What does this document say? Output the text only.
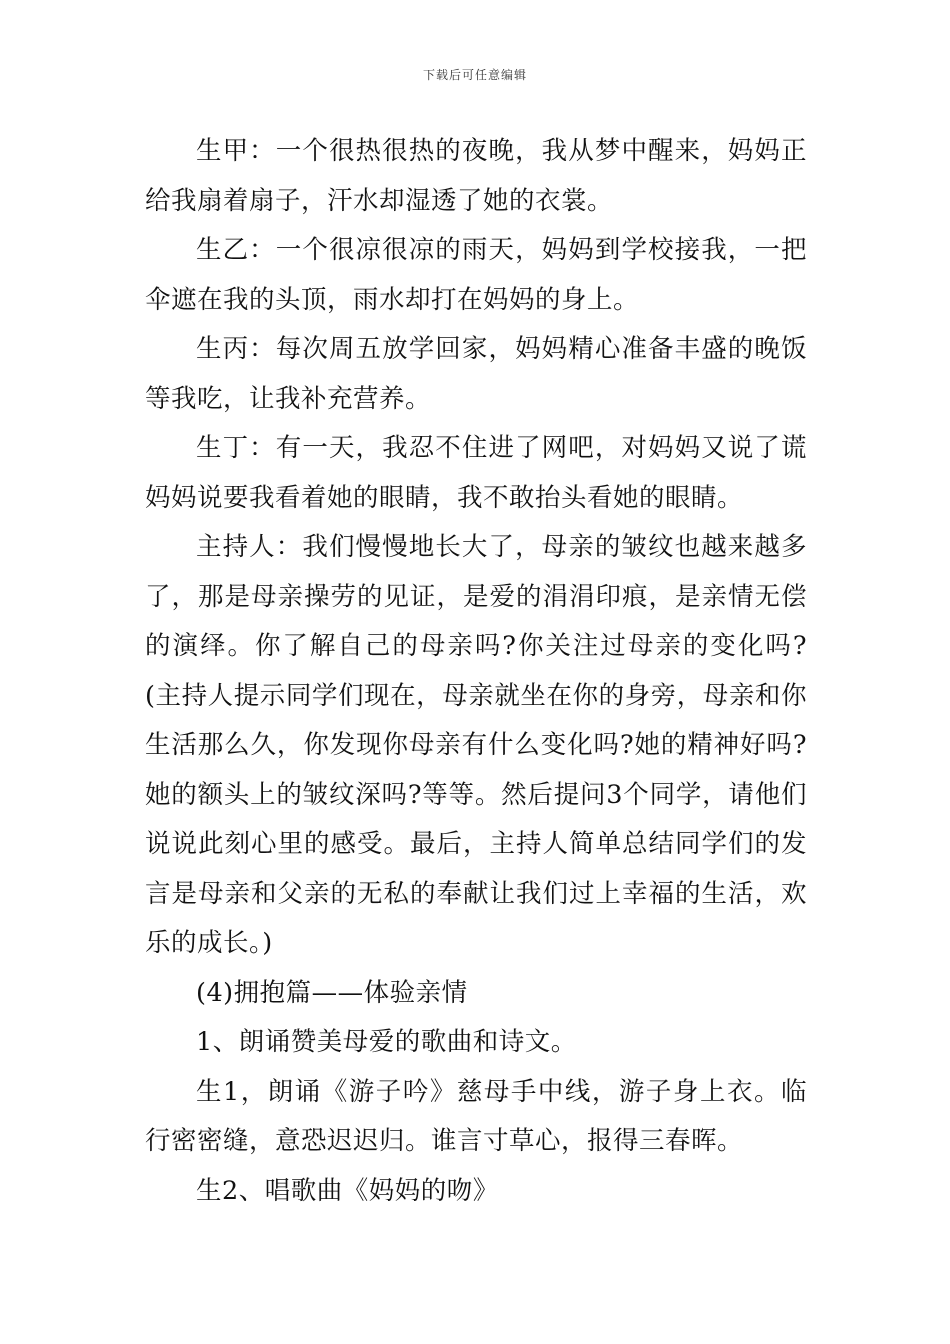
下载后可任意编辑

生甲：一个很热很热的夜晚，我从梦中醒来，妈妈正给我扇着扇子，汗水却湿透了她的衣裳。

生乙：一个很凉很凉的雨天，妈妈到学校接我，一把伞遮在我的头顶，雨水却打在妈妈的身上。

生丙：每次周五放学回家，妈妈精心准备丰盛的晚饭等我吃，让我补充营养。

生丁：有一天，我忍不住进了网吧，对妈妈又说了谎妈妈说要我看着她的眼睛，我不敢抬头看她的眼睛。

主持人：我们慢慢地长大了，母亲的皱纹也越来越多了，那是母亲操劳的见证，是爱的涓涓印痕，是亲情无偿的演绎。你了解自己的母亲吗?你关注过母亲的变化吗?(主持人提示同学们现在，母亲就坐在你的身旁，母亲和你生活那么久，你发现你母亲有什么变化吗?她的精神好吗?她的额头上的皱纹深吗?等等。然后提问3个同学，请他们说说此刻心里的感受。最后，主持人简单总结同学们的发言是母亲和父亲的无私的奉献让我们过上幸福的生活，欢乐的成长。)

(4)拥抱篇——体验亲情

1、朗诵赞美母爱的歌曲和诗文。

生1，朗诵《游子吟》慈母手中线，游子身上衣。临行密密缝，意恐迟迟归。谁言寸草心，报得三春晖。

生2、唱歌曲《妈妈的吻》
